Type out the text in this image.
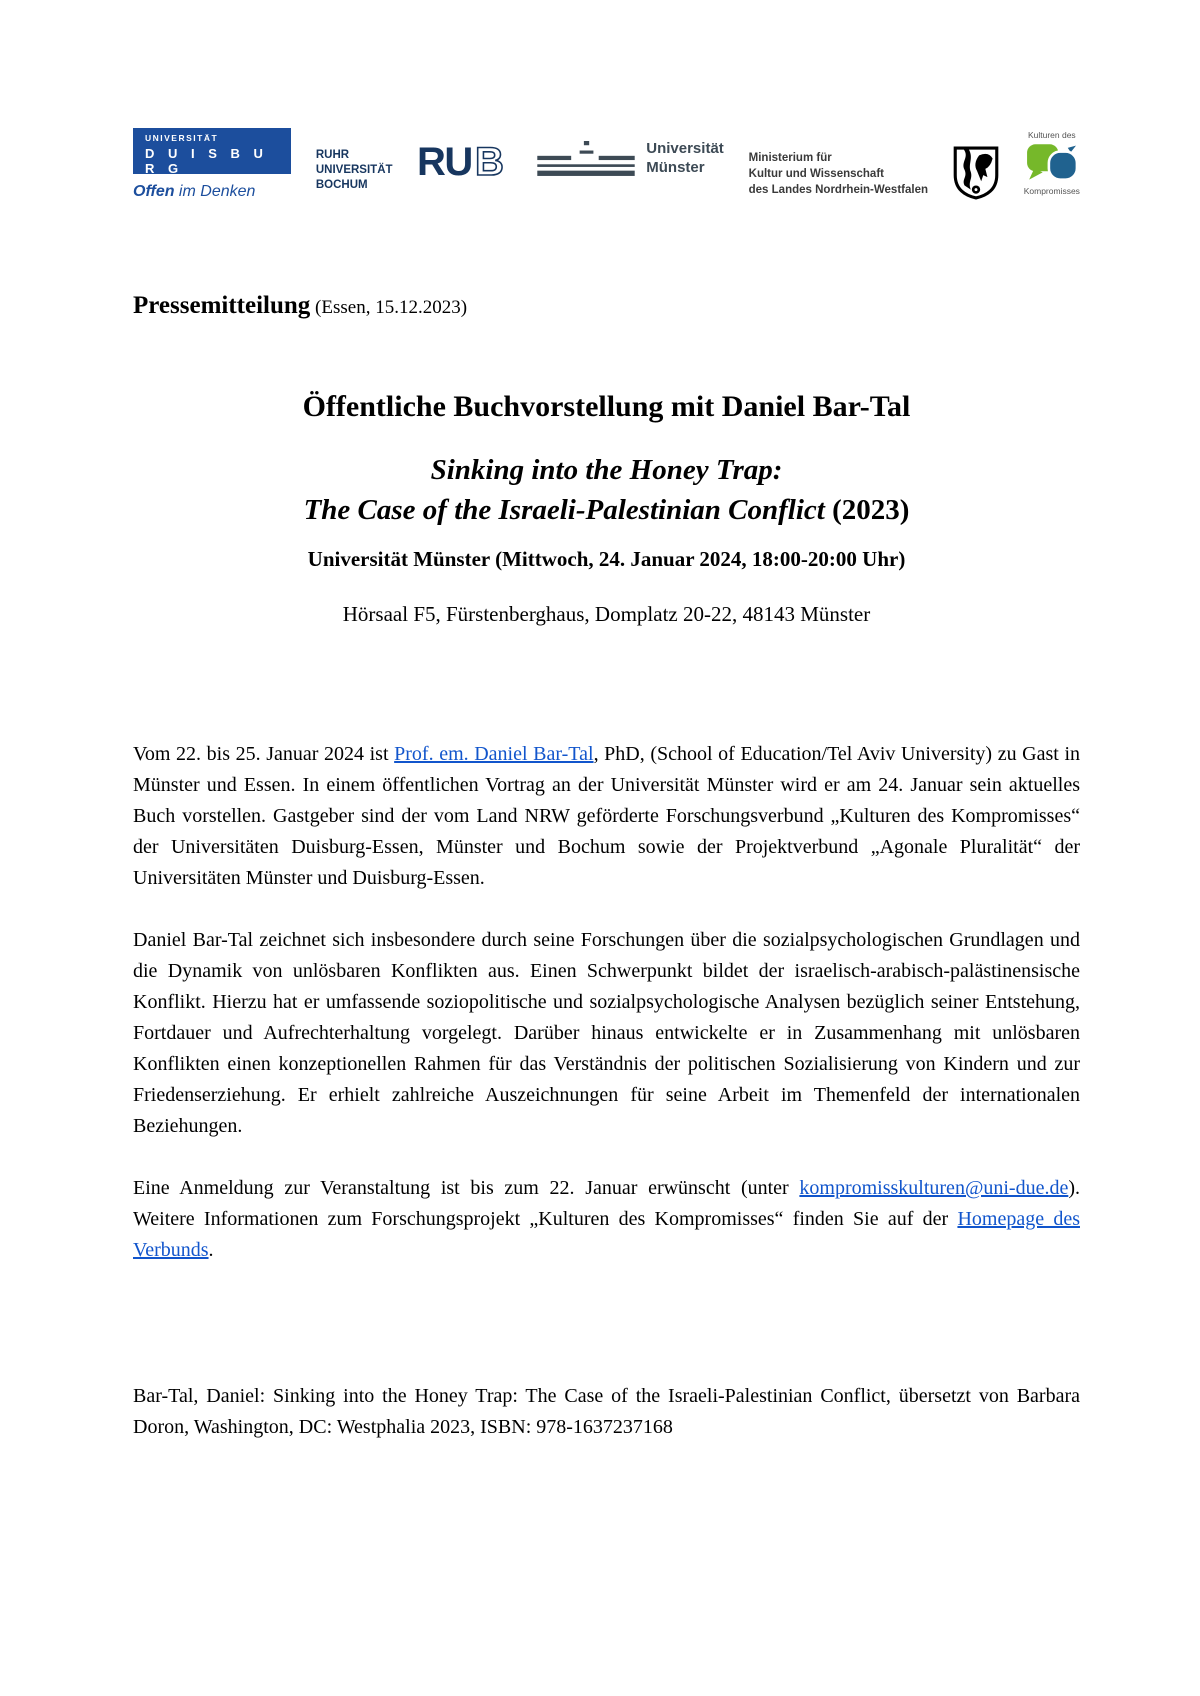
UNIVERSITÄT
D U I S B U R G
E S S E N
Offen im Denken
RUHR
UNIVERSITÄT
BOCHUM
RU B	Universität
Münster
Ministerium für
Kultur und Wissenschaft
des Landes Nordrhein-Westfalen
Kulturen des
Kompromisses
Pressemitteilung (Essen, 15.12.2023)
Öffentliche Buchvorstellung mit Daniel Bar-Tal
Sinking into the Honey Trap:
The Case of the Israeli-Palestinian Conflict (2023)
Universität Münster (Mittwoch, 24. Januar 2024, 18:00-20:00 Uhr)
Hörsaal F5, Fürstenberghaus, Domplatz 20-22, 48143 Münster

Vom 22. bis 25. Januar 2024 ist Prof. em. Daniel Bar-Tal, PhD, (School of Education/Tel Aviv University) zu Gast in Münster und Essen. In einem öffentlichen Vortrag an der Universität Münster wird er am 24. Januar sein aktuelles Buch vorstellen. Gastgeber sind der vom Land NRW geförderte Forschungsverbund „Kulturen des Kompromisses“ der Universitäten Duisburg-Essen, Münster und Bochum sowie der Projektverbund „Agonale Pluralität“ der Universitäten Münster und Duisburg-Essen.

Daniel Bar-Tal zeichnet sich insbesondere durch seine Forschungen über die sozialpsychologischen Grundlagen und die Dynamik von unlösbaren Konflikten aus. Einen Schwerpunkt bildet der israelisch-arabisch-palästinensische Konflikt. Hierzu hat er umfassende soziopolitische und sozialpsychologische Analysen bezüglich seiner Entstehung, Fortdauer und Aufrechterhaltung vorgelegt. Darüber hinaus entwickelte er in Zusammenhang mit unlösbaren Konflikten einen konzeptionellen Rahmen für das Verständnis der politischen Sozialisierung von Kindern und zur Friedenserziehung. Er erhielt zahlreiche Auszeichnungen für seine Arbeit im Themenfeld der internationalen Beziehungen.

Eine Anmeldung zur Veranstaltung ist bis zum 22. Januar erwünscht (unter kompromisskulturen@uni-due.de). Weitere Informationen zum Forschungsprojekt „Kulturen des Kompromisses“ finden Sie auf der Homepage des Verbunds.

Bar-Tal, Daniel: Sinking into the Honey Trap: The Case of the Israeli-Palestinian Conflict, übersetzt von Barbara Doron, Washington, DC: Westphalia 2023, ISBN: 978-1637237168
